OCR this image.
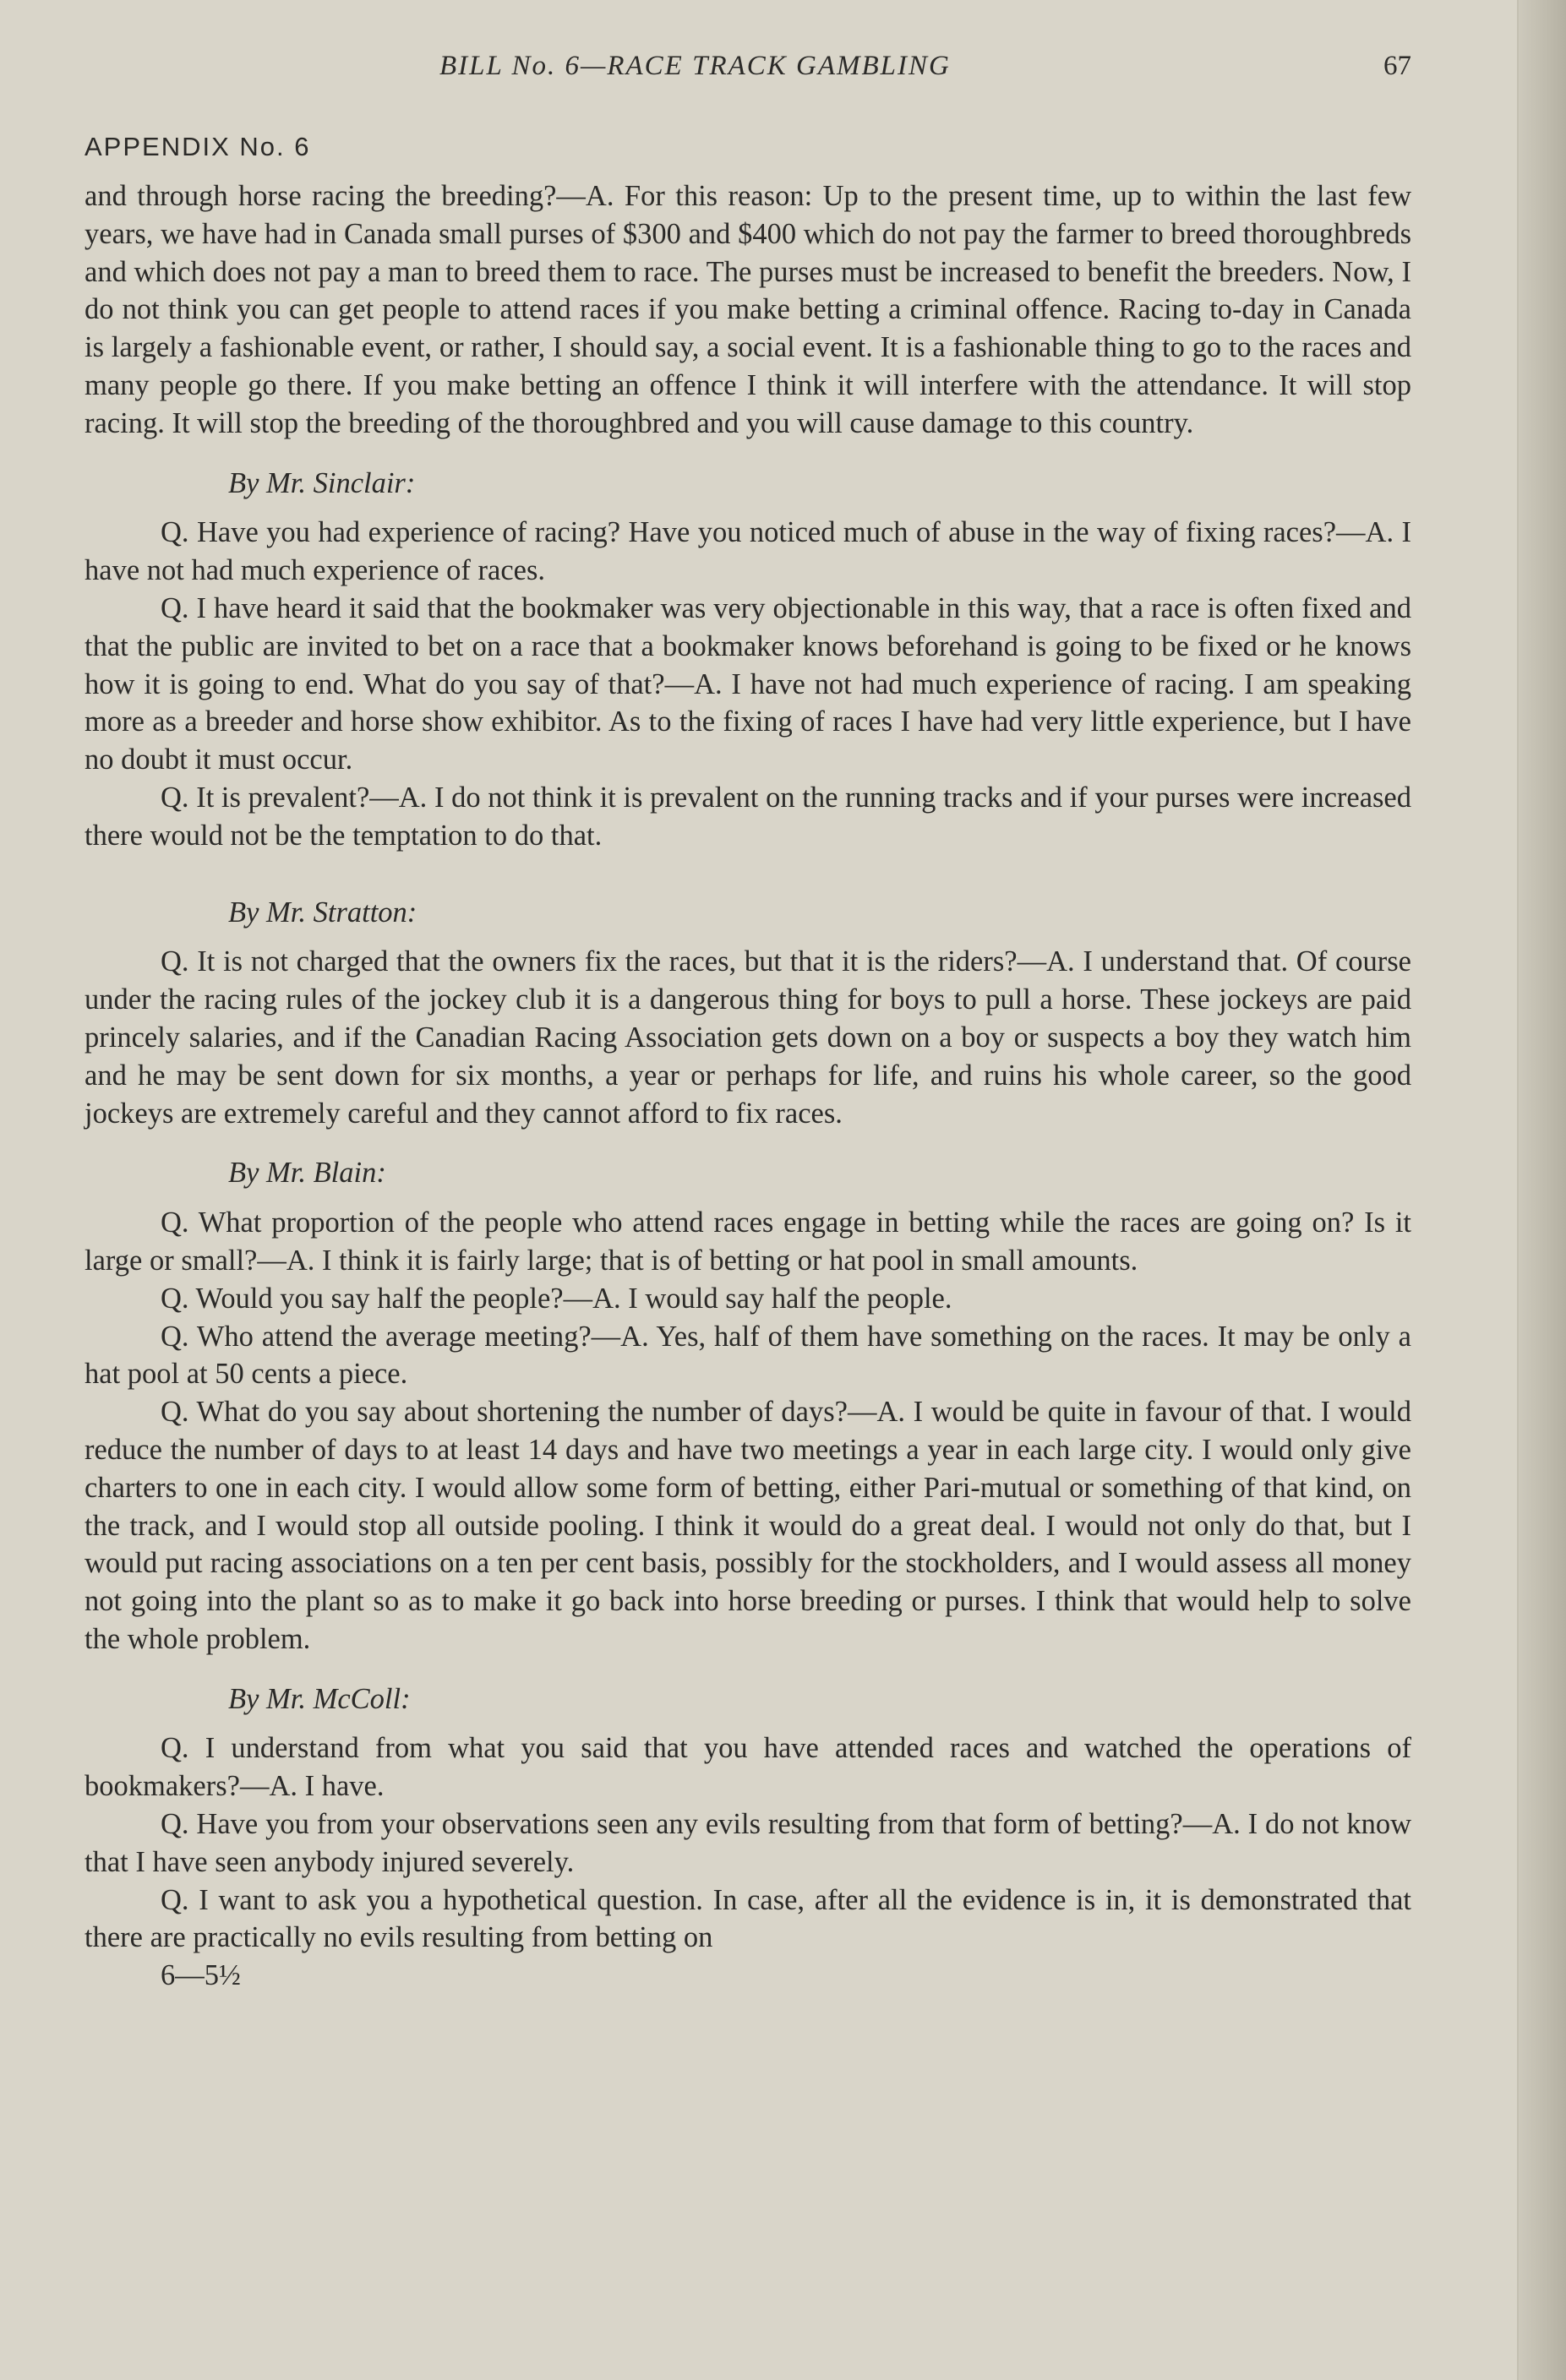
BILL No. 6—RACE TRACK GAMBLING	67
APPENDIX No. 6

and through horse racing the breeding?—A. For this reason: Up to the present time, up to within the last few years, we have had in Canada small purses of $300 and $400 which do not pay the farmer to breed thoroughbreds and which does not pay a man to breed them to race. The purses must be increased to benefit the breeders. Now, I do not think you can get people to attend races if you make betting a criminal offence. Racing to-day in Canada is largely a fashionable event, or rather, I should say, a social event. It is a fashionable thing to go to the races and many people go there. If you make betting an offence I think it will interfere with the attendance. It will stop racing. It will stop the breeding of the thoroughbred and you will cause damage to this country.

By Mr. Sinclair:

Q. Have you had experience of racing? Have you noticed much of abuse in the way of fixing races?—A. I have not had much experience of races.

Q. I have heard it said that the bookmaker was very objectionable in this way, that a race is often fixed and that the public are invited to bet on a race that a bookmaker knows beforehand is going to be fixed or he knows how it is going to end. What do you say of that?—A. I have not had much experience of racing. I am speaking more as a breeder and horse show exhibitor. As to the fixing of races I have had very little experience, but I have no doubt it must occur.

Q. It is prevalent?—A. I do not think it is prevalent on the running tracks and if your purses were increased there would not be the temptation to do that.

By Mr. Stratton:

Q. It is not charged that the owners fix the races, but that it is the riders?—A. I understand that. Of course under the racing rules of the jockey club it is a dangerous thing for boys to pull a horse. These jockeys are paid princely salaries, and if the Canadian Racing Association gets down on a boy or suspects a boy they watch him and he may be sent down for six months, a year or perhaps for life, and ruins his whole career, so the good jockeys are extremely careful and they cannot afford to fix races.

By Mr. Blain:

Q. What proportion of the people who attend races engage in betting while the races are going on? Is it large or small?—A. I think it is fairly large; that is of betting or hat pool in small amounts.

Q. Would you say half the people?—A. I would say half the people.

Q. Who attend the average meeting?—A. Yes, half of them have something on the races. It may be only a hat pool at 50 cents a piece.

Q. What do you say about shortening the number of days?—A. I would be quite in favour of that. I would reduce the number of days to at least 14 days and have two meetings a year in each large city. I would only give charters to one in each city. I would allow some form of betting, either Pari-mutual or something of that kind, on the track, and I would stop all outside pooling. I think it would do a great deal. I would not only do that, but I would put racing associations on a ten per cent basis, possibly for the stockholders, and I would assess all money not going into the plant so as to make it go back into horse breeding or purses. I think that would help to solve the whole problem.

By Mr. McColl:

Q. I understand from what you said that you have attended races and watched the operations of bookmakers?—A. I have.

Q. Have you from your observations seen any evils resulting from that form of betting?—A. I do not know that I have seen anybody injured severely.

Q. I want to ask you a hypothetical question. In case, after all the evidence is in, it is demonstrated that there are practically no evils resulting from betting on

6—5½
